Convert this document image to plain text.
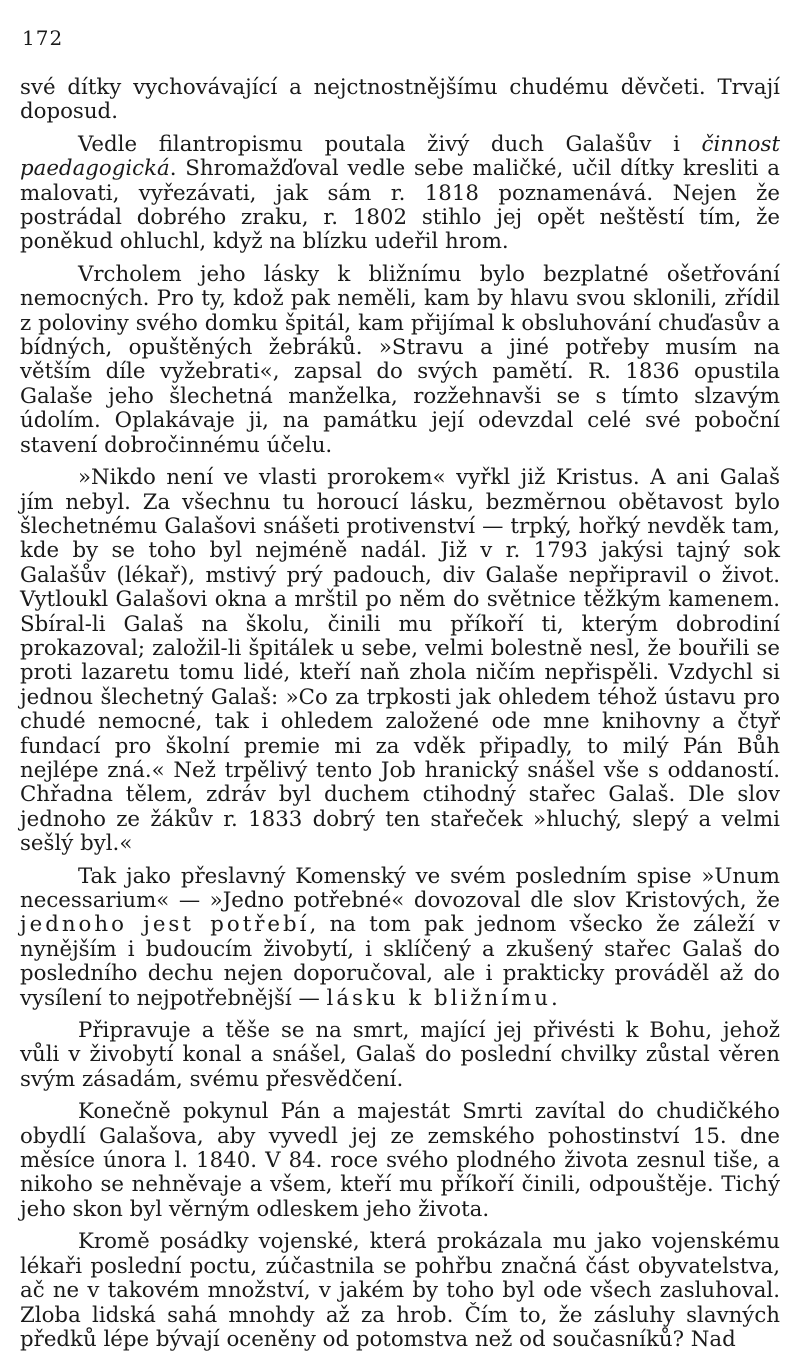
172

své dítky vychovávající a nejctnostnějšímu chudému děvčeti. Trvají doposud.

Vedle filantropismu poutala živý duch Galašův i činnost paedagogická. Shromažďoval vedle sebe maličké, učil dítky kresliti a malovati, vyřezávati, jak sám r. 1818 poznamenává. Nejen že postrádal dobrého zraku, r. 1802 stihlo jej opět neštěstí tím, že poněkud ohluchl, když na blízku udeřil hrom.

Vrcholem jeho lásky k bližnímu bylo bezplatné ošetřování nemocných. Pro ty, kdož pak neměli, kam by hlavu svou sklonili, zřídil z poloviny svého domku špitál, kam přijímal k obsluhování chuďasův a bídných, opuštěných žebráků. »Stravu a jiné potřeby musím na větším díle vyžebrati«, zapsal do svých pamětí. R. 1836 opustila Galaše jeho šlechetná manželka, rozžehnavši se s tímto slzavým údolím. Oplakávaje ji, na památku její odevzdal celé své poboční stavení dobročinnému účelu.

»Nikdo není ve vlasti prorokem« vyřkl již Kristus. A ani Galaš jím nebyl. Za všechnu tu horoucí lásku, bezměrnou obětavost bylo šlechetnému Galašovi snášeti protivenství — trpký, hořký nevděk tam, kde by se toho byl nejméně nadál. Již v r. 1793 jakýsi tajný sok Galašův (lékař), mstivý prý padouch, div Galaše nepřipravil o život. Vytloukl Galašovi okna a mrštil po něm do světnice těžkým kamenem. Sbíral-li Galaš na školu, činili mu příkoří ti, kterým dobrodiní prokazoval; založil-li špitálek u sebe, velmi bolestně nesl, že bouřili se proti lazaretu tomu lidé, kteří naň zhola ničím nepřispěli. Vzdychl si jednou šlechetný Galaš: »Co za trpkosti jak ohledem téhož ústavu pro chudé nemocné, tak i ohledem založené ode mne knihovny a čtyř fundací pro školní premie mi za vděk připadly, to milý Pán Bůh nejlépe zná.« Než trpělivý tento Job hranický snášel vše s oddaností. Chřadna tělem, zdráv byl duchem ctihodný stařec Galaš. Dle slov jednoho ze žákův r. 1833 dobrý ten stařeček »hluchý, slepý a velmi sešlý byl.«

Tak jako přeslavný Komenský ve svém posledním spise »Unum necessarium« — »Jedno potřebné« dovozoval dle slov Kristových, že jednoho jest potřebí, na tom pak jednom všecko že záleží v nynějším i budoucím živobytí, i sklíčený a zkušený stařec Galaš do posledního dechu nejen doporučoval, ale i prakticky prováděl až do vysílení to nejpotřebnější — lásku k bližnímu.

Připravuje a těše se na smrt, mající jej přivésti k Bohu, jehož vůli v živobytí konal a snášel, Galaš do poslední chvilky zůstal věren svým zásadám, svému přesvědčení.

Konečně pokynul Pán a majestát Smrti zavítal do chudičkého obydlí Galašova, aby vyvedl jej ze zemského pohostinství 15. dne měsíce února l. 1840. V 84. roce svého plodného života zesnul tiše, a nikoho se nehněvaje a všem, kteří mu příkoří činili, odpouštěje. Tichý jeho skon byl věrným odleskem jeho života.

Kromě posádky vojenské, která prokázala mu jako vojenskému lékaři poslední poctu, zúčastnila se pohřbu značná část obyvatelstva, ač ne v takovém množství, v jakém by toho byl ode všech zasluhoval. Zloba lidská sahá mnohdy až za hrob. Čím to, že zásluhy slavných předků lépe bývají oceněny od potomstva než od současníků? Nad
